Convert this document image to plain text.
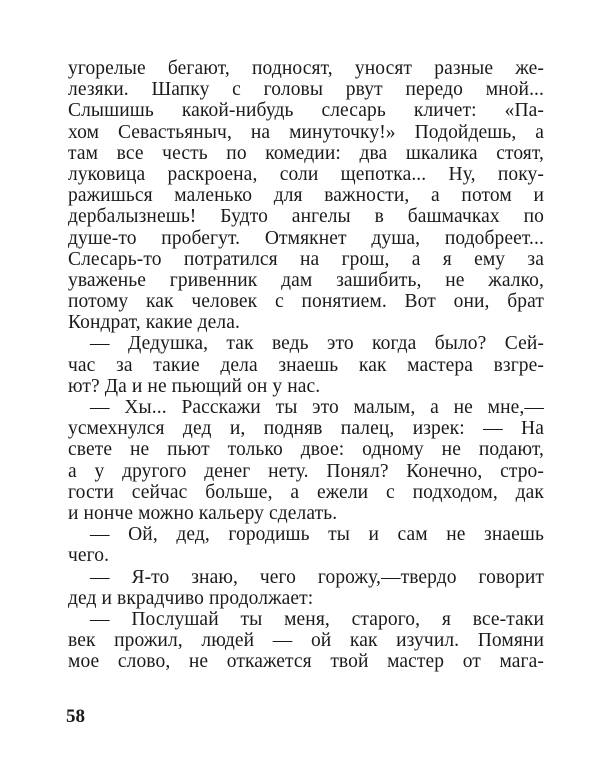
угорелые бегают, подносят, уносят разные же-
лезяки. Шапку с головы рвут передо мной...
Слышишь какой-нибудь слесарь кличет: «Па-
хом Севастьяныч, на минуточку!» Подойдешь, а
там все честь по комедии: два шкалика стоят,
луковица раскроена, соли щепотка... Ну, поку-
ражишься маленько для важности, а потом и
дербалызнешь! Будто ангелы в башмачках по
душе-то пробегут. Отмякнет душа, подобреет...
Слесарь-то потратился на грош, а я ему за
уваженье гривенник дам зашибить, не жалко,
потому как человек с понятием. Вот они, брат
Кондрат, какие дела.
— Дедушка, так ведь это когда было? Сей-
час за такие дела знаешь как мастера взгре-
ют? Да и не пьющий он у нас.
— Хы... Расскажи ты это малым, а не мне,—
усмехнулся дед и, подняв палец, изрек: — На
свете не пьют только двое: одному не подают,
а у другого денег нету. Понял? Конечно, стро-
гости сейчас больше, а ежели с подходом, дак
и нонче можно кальеру сделать.
— Ой, дед, городишь ты и сам не знаешь
чего.
— Я-то знаю, чего горожу,—твердо говорит
дед и вкрадчиво продолжает:
— Послушай ты меня, старого, я все-таки
век прожил, людей — ой как изучил. Помяни
мое слово, не откажется твой мастер от мага-
58
